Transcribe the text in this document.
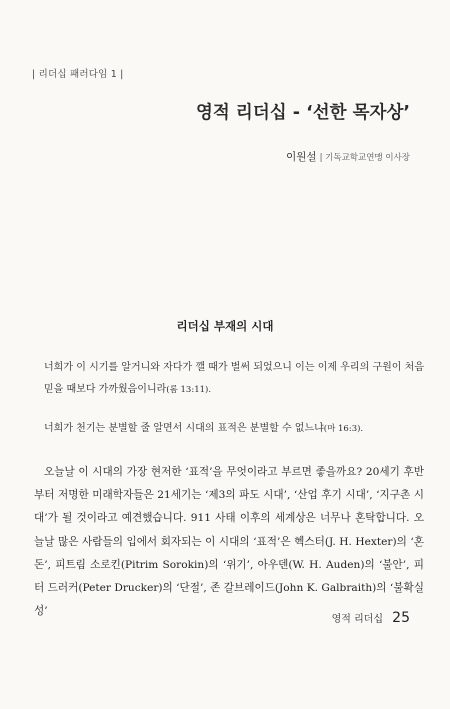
| 리더십 패러다임 1 |
영적 리더십 - ‘선한 목자상’
이원설 | 기독교학교연맹 이사장
리더십 부재의 시대
너희가 이 시기를 알거니와 자다가 깰 때가 벌써 되었으니 이는 이제 우리의 구원이 처음 믿을 때보다 가까웠음이니라(롬 13:11).
너희가 천기는 분별할 줄 알면서 시대의 표적은 분별할 수 없느냐(마 16:3).

오늘날 이 시대의 가장 현저한 ‘표적’을 무엇이라고 부르면 좋을까요? 20세기 후반부터 저명한 미래학자들은 21세기는 ‘제3의 파도 시대’, ‘산업 후기 시대’, ‘지구촌 시대’가 될 것이라고 예견했습니다. 911 사태 이후의 세계상은 너무나 혼탁합니다. 오늘날 많은 사람들의 입에서 회자되는 이 시대의 ‘표적’은 헥스터(J. H. Hexter)의 ‘혼돈’, 피트림 소로킨(Pitrim Sorokin)의 ‘위기’, 아우덴(W. H. Auden)의 ‘불안’, 피터 드러커(Peter Drucker)의 ‘단절’, 존 갈브레이드(John K. Galbraith)의 ‘불확실성’

영적 리더십 25
